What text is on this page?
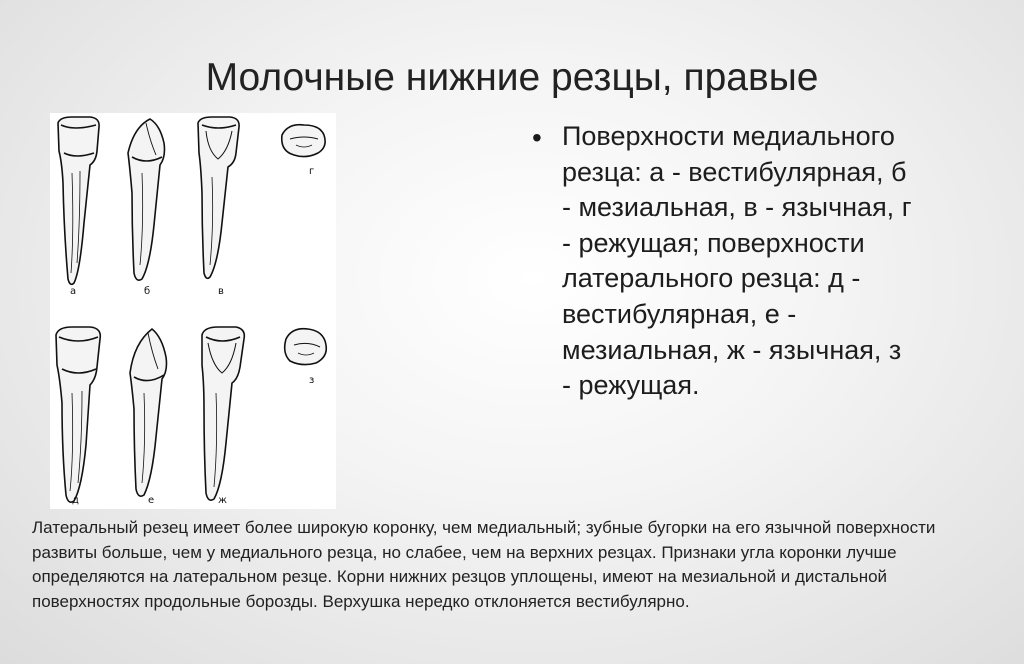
Молочные нижние резцы, правые
а	б	в
г
д	е	ж
з
• Поверхности медиального резца: а - вестибулярная, б - мезиальная, в - язычная, г - режущая; поверхности латерального резца: д - вестибулярная, е - мезиальная, ж - язычная, з - режущая.
Латеральный резец имеет более широкую коронку, чем медиальный; зубные бугорки на его язычной поверхности развиты больше, чем у медиального резца, но слабее, чем на верхних резцах. Признаки угла коронки лучше определяются на латеральном резце. Корни нижних резцов уплощены, имеют на мезиальной и дистальной поверхностях продольные борозды. Верхушка нередко отклоняется вестибулярно.
